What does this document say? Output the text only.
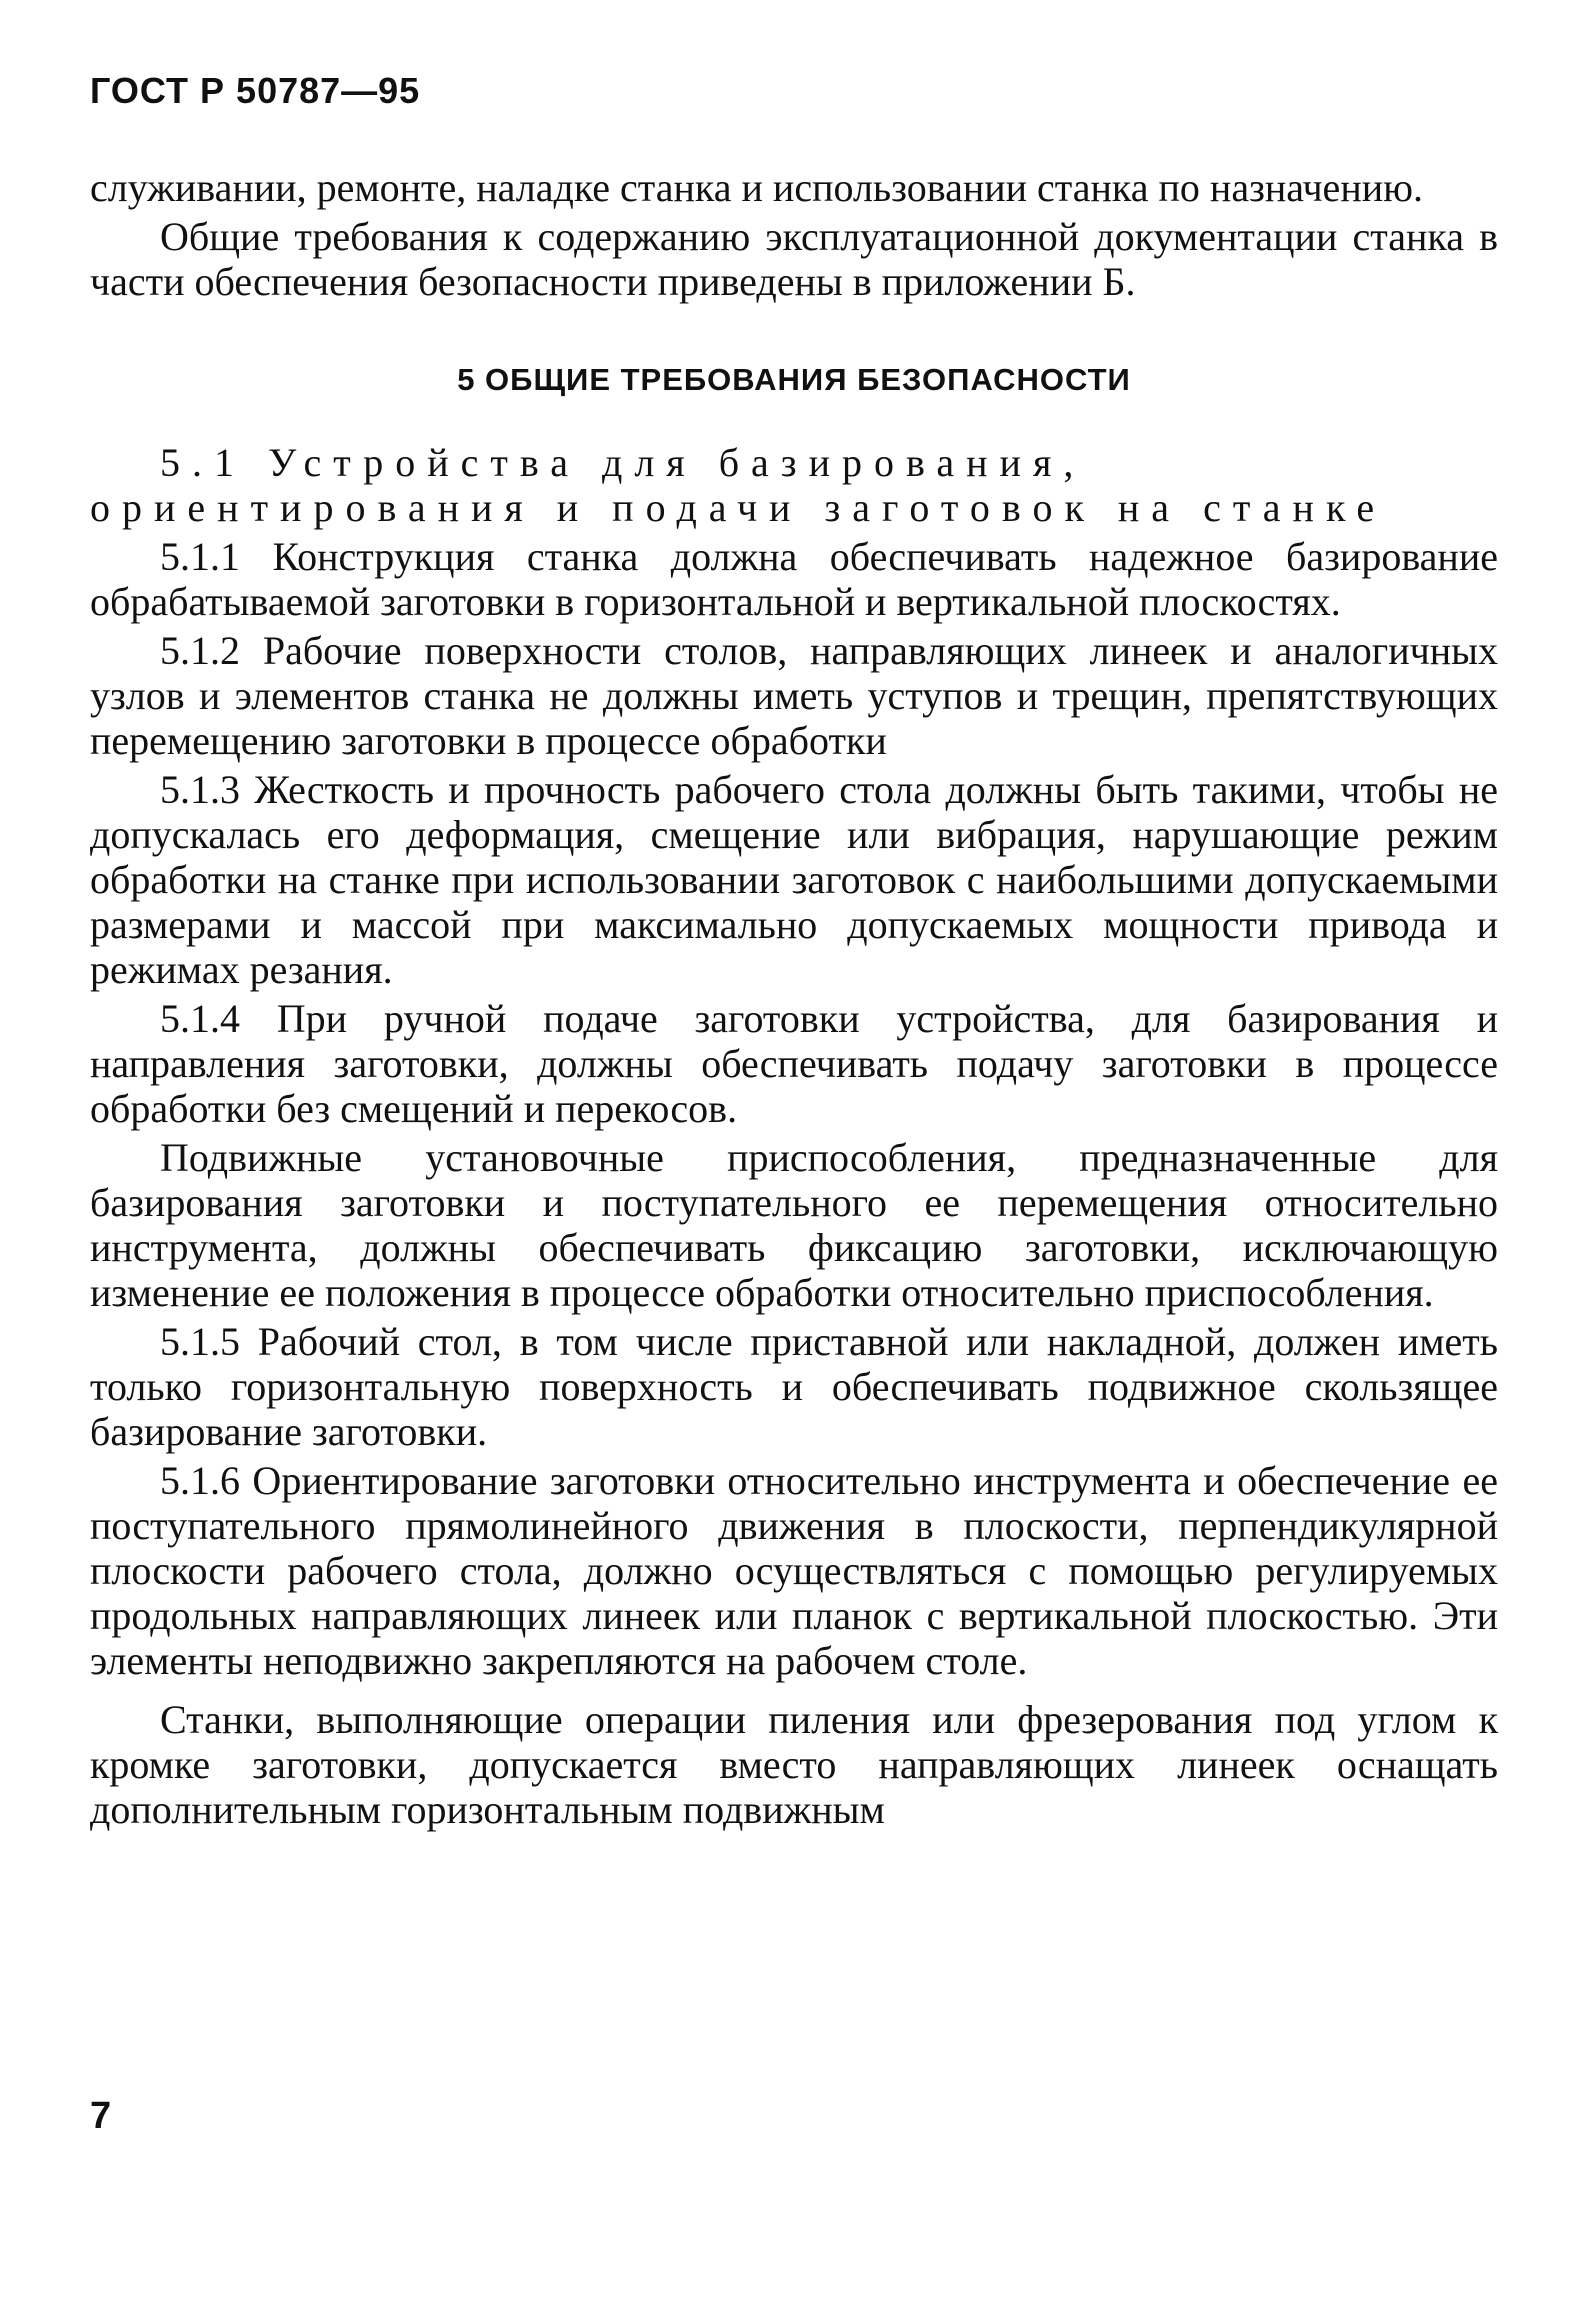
ГОСТ Р 50787—95

служивании, ремонте, наладке станка и использовании станка по назначению.

Общие требования к содержанию эксплуатационной документации станка в части обеспечения безопасности приведены в приложении Б.

5 ОБЩИЕ ТРЕБОВАНИЯ БЕЗОПАСНОСТИ

5.1 Устройства для базирования, ориентирования и подачи заготовок на станке

5.1.1 Конструкция станка должна обеспечивать надежное базирование обрабатываемой заготовки в горизонтальной и вертикальной плоскостях.

5.1.2 Рабочие поверхности столов, направляющих линеек и аналогичных узлов и элементов станка не должны иметь уступов и трещин, препятствующих перемещению заготовки в процессе обработки

5.1.3 Жесткость и прочность рабочего стола должны быть такими, чтобы не допускалась его деформация, смещение или вибрация, нарушающие режим обработки на станке при использовании заготовок с наибольшими допускаемыми размерами и массой при максимально допускаемых мощности привода и режимах резания.

5.1.4 При ручной подаче заготовки устройства, для базирования и направления заготовки, должны обеспечивать подачу заготовки в процессе обработки без смещений и перекосов.

Подвижные установочные приспособления, предназначенные для базирования заготовки и поступательного ее перемещения относительно инструмента, должны обеспечивать фиксацию заготовки, исключающую изменение ее положения в процессе обработки относительно приспособления.

5.1.5 Рабочий стол, в том числе приставной или накладной, должен иметь только горизонтальную поверхность и обеспечивать подвижное скользящее базирование заготовки.

5.1.6 Ориентирование заготовки относительно инструмента и обеспечение ее поступательного прямолинейного движения в плоскости, перпендикулярной плоскости рабочего стола, должно осуществляться с помощью регулируемых продольных направляющих линеек или планок с вертикальной плоскостью. Эти элементы неподвижно закрепляются на рабочем столе.

Станки, выполняющие операции пиления или фрезерования под углом к кромке заготовки, допускается вместо направляющих линеек оснащать дополнительным горизонтальным подвижным

7
